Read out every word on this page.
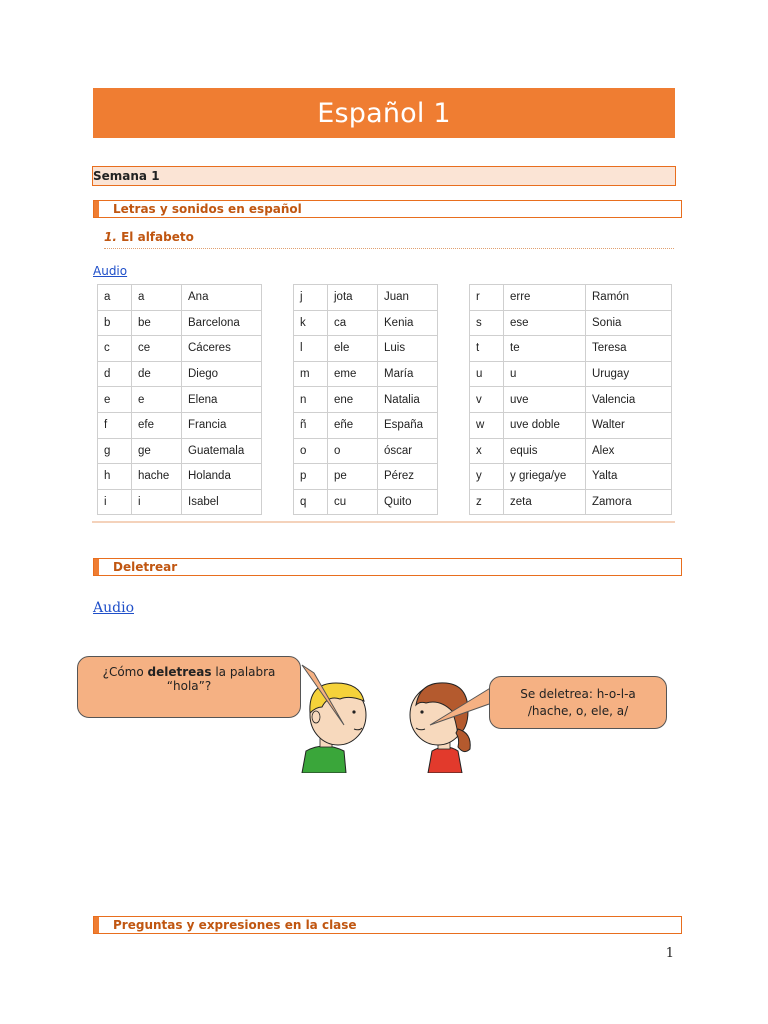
Español 1
Semana 1
Letras y sonidos en español
1. El alfabeto
Audio
a	a	Ana
b	be	Barcelona
c	ce	Cáceres
d	de	Diego
e	e	Elena
f	efe	Francia
g	ge	Guatemala
h	hache	Holanda
i	i	Isabel
j	jota	Juan
k	ca	Kenia
l	ele	Luis
m	eme	María
n	ene	Natalia
ñ	eñe	España
o	o	óscar
p	pe	Pérez
q	cu	Quito
r	erre	Ramón
s	ese	Sonia
t	te	Teresa
u	u	Urugay
v	uve	Valencia
w	uve doble	Walter
x	equis	Alex
y	y griega/ye	Yalta
z	zeta	Zamora
Deletrear
Audio
¿Cómo deletreas la palabra
“hola”?
Se deletrea: h-o-l-a
/hache, o, ele, a/
Preguntas y expresiones en la clase
1
